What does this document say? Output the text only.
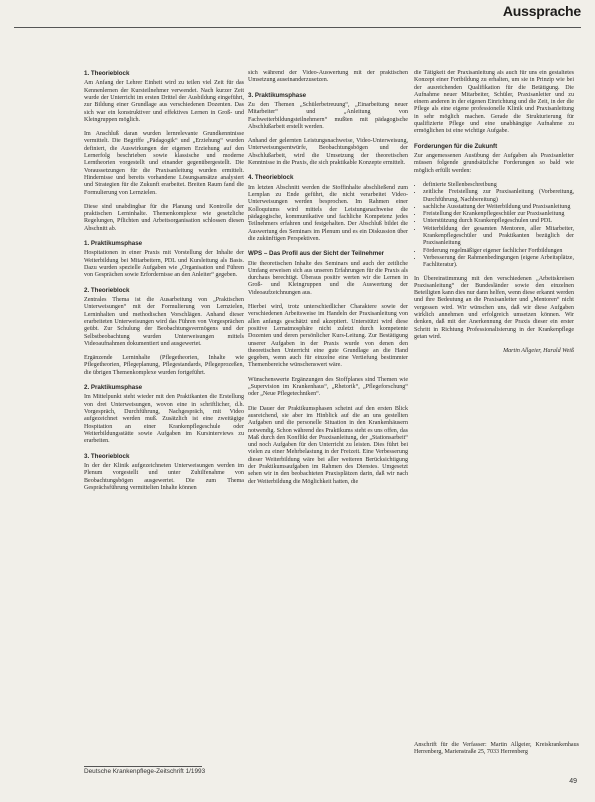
Aussprache
1. Theorieblock

Am Anfang der Lehrer Einheit wird zu teilen viel Zeit für das Kennenlernen der Kursteilnehmer verwendet. Nach kurzer Zeit wurde der Unterricht im ersten Drittel der Ausbildung eingeführt, zur Bildung einer Grundlage aus verschiedenen Dozenten. Das sich war ein konstruktiver und effektives Lernen in Groß- und Kleingruppen möglich.

Im Anschluß daran wurden lernrelevante Grundkenntnisse vermittelt. Die Begriffe „Pädagogik“ und „Erziehung“ wurden definiert, die Auswirkungen der eigenen Erziehung auf den Lernerfolg beschrieben sowie klassische und moderne Lerntheorien vorgestellt und einander gegenübergestellt. Die Voraussetzungen für die Praxisanleitung wurden ermittelt. Hindernisse und bereits vorhandene Lösungsansätze analysiert und Strategien für die Zukunft erarbeitet. Breiten Raum fand die Formulierung von Lernzielen.

Diese sind unabdingbar für die Planung und Kontrolle der praktischen Lerninhalte. Themenkomplexe wie gesetzliche Regelungen, Pflichten und Arbeitsorganisation schlossen diesen Abschnitt ab.

1. Praktikumsphase

Hospitationen in einer Praxis mit Vorstellung der Inhalte der Weiterbildung bei Mitarbeitern, PDL und Kursleitung als Basis. Dazu wurden spezielle Aufgaben wie „Organisation und Führen von Gesprächen sowie Erfordernisse an den Anleiter“ gegeben.

2. Theorieblock

Zentrales Thema ist die Ausarbeitung von „Praktischen Unterweisungen“ mit der Formulierung von Lernzielen, Lerninhalten und methodischen Vorschlägen. Anhand dieser erarbeiteten Unterweisungen wird das Führen von Vorgesprächen geübt. Zur Schulung der Beobachtungsvermögens und der Selbstbeobachtung wurden Unterweisungen mittels Videoaufnahmen dokumentiert und ausgewertet.

Ergänzende Lerninhalte (Pflegetheorien, Inhalte wie Pflegetheorien, Pflegeplanung, Pflegestandards, Pflegeprozeßen, die übrigen Themenkomplexe wurden fortgeführt.

2. Praktikumsphase

Im Mittelpunkt steht wieder mit den Praktikanten die Erstellung von drei Unterweisungen, wovon eine in schriftlicher, d.h. Vorgespräch, Durchführung, Nachgespräch, mit Video aufgezeichnet werden muß. Zusätzlich ist eine zweitägige Hospitation an einer Krankenpflegeschule oder Weiterbildungsstätte sowie Aufgaben im Kursinterviews zu erarbeiten.

3. Theorieblock

In der der Klinik aufgezeichneten Unterweisungen werden im Plenum vorgestellt und unter Zuhilfenahme von Beobachtungsbögen ausgewertet. Die zum Thema Gesprächsführung vermittelten Inhalte können

sich während der Video-Auswertung mit der praktischen Umsetzung auseinanderzusetzen.

3. Praktikumsphase

Zu den Themen „Schülerbetreuung“, „Einarbeitung neuer Mitarbeiter“ und „Anleitung von Fachweiterbildungsteilnehmern“ mußten mit pädagogische Abschlußarbeit erstellt werden.

Anhand der gelernten Leistungsnachweise, Video-Unterweisung, Unterweisungsentwürfe, Beobachtungsbögen und der Abschlußarbeit, wird die Umsetzung der theoretischen Kenntnisse in die Praxis, die sich praktikable Konzepte ermittelt.

4. Theorieblock

Im letzten Abschnitt werden die Stoffinhalte abschließend zum Lernplan zu Ende geführt, die nicht verarbeitet Video-Unterweisungen werden besprochen. Im Rahmen einer Kolloquiums wird mittels der Leistungsnachweise die pädagogische, kommunikative und fachliche Kompetenz jedes Teilnehmers erfahren und festgehalten. Der Abschluß bildet die Auswertung des Seminars im Plenum und es ein Diskussion über die zukünftigen Perspektiven.

WPS – Das Profil aus der Sicht der Teilnehmer

Die theoretischen Inhalte des Seminars und auch der zeitliche Umfang erweisen sich aus unseren Erfahrungen für die Praxis als durchaus berechtigt. Überaus positiv werten wir die Lernen in Groß- und Kleingruppen und die Auswertung der Videoaufzeichnungen aus.

Hierbei wird, trotz unterschiedlicher Charaktere sowie der verschiedenen Arbeitsweise im Handeln der Praxisanleitung von allen anfangs geschätzt und akzeptiert. Unterstützt wird diese positive Lernatmosphäre nicht zuletzt durch kompetente Dozenten und deren persönlicher Kurs-Leitung. Zur Bestätigung unserer Aufgaben in der Praxis wurde von denen den theoretischen Unterricht eine gute Grundlage an die Hand gegeben, wenn auch für einzelne eine Vertiefung bestimmter Themenbereiche wünschenswert wäre.

Wünschenswerte Ergänzungen des Stoffplanes sind Themen wie „Supervision im Krankenhaus“, „Rhetorik“, „Pflegeforschung“ oder „Neue Pflegetechniken“.

Die Dauer der Praktikumsphasen scheint auf den ersten Blick ausreichend, sie aber im Hinblick auf die an uns gestellten Aufgaben und die personelle Situation in den Krankenhäusern notwendig. Schon während des Praktikums steht es uns offen, das Maß durch den Konflikt der Praxisanleitung, der „Stationsarbeit“ und noch Aufgaben für den Unterricht zu leisten. Dies führt bei vielen zu einer Mehrbelastung in der Freizeit. Eine Verbesserung dieser Weiterbildung wäre bei aller weiteren Berücksichtigung der Praktikumsaufgaben im Rahmen des Dienstes. Umgesetzt sehen wir in den beobachteten Praxisplätzen darin, daß wir nach der Weiterbildung die Möglichkeit hatten, die

die Tätigkeit der Praxisanleitung als auch für uns ein gestaltetes Konzept einer Fortbildung zu erhalten, um sie in Prinzip wie bei der ausreichenden Qualifikation für die Betätigung. Die Aufnahme neuer Mitarbeiter, Schüler, Praxisanleiter und zu einem anderen in der eigenen Einrichtung und die Zeit, in der die Pflege als eine eigene professionelle Klinik und Praxisanleitung in sehr möglich machen. Gerade die Strukturierung für qualifizierte Pflege und eine unabhängige Aufnahme zu ermöglichen ist eine wichtige Aufgabe.

Forderungen für die Zukunft

Zur angemessenen Ausübung der Aufgaben als Praxisanleiter müssen folgende grundsätzliche Forderungen so bald wie möglich erfüllt werden:

• definierte Stellenbeschreibung
• zeitliche Freistellung zur Praxisanleitung (Vorbereitung, Durchführung, Nachbereitung)
• sachliche Ausstattung der Weiterbildung und Praxisanleitung
• Freistellung der Krankenpflegeschüler zur Praxisanleitung
• Unterstützung durch Krankenpflegeschulen und PDL
• Weiterbildung der gesamten Mentoren, aller Mitarbeiter, Krankenpflegeschüler und Praktikanten bezüglich der Praxisanleitung
• Förderung regelmäßiger eigener fachlicher Fortbildungen
• Verbesserung der Rahmenbedingungen (eigene Arbeitsplätze, Fachliteratur).

In Übereinstimmung mit den verschiedenen „Arbeitskreisen Praxisanleitung“ der Bundesländer sowie den einzelnen Beteiligten kann dies nur dann helfen, wenn diese erkannt werden und ihre Bedeutung an die Praxisanleiter und „Mentoren“ nicht vergessen wird. Wir wünschen uns, daß wir diese Aufgaben wirklich annehmen und erfolgreich umsetzen können. Wir denken, daß mit der Anerkennung der Praxis dieser ein erster Schritt in Richtung Professionalisierung in der Krankenpflege getan wird.

Martin Allgeier, Harald Weiß

Anschrift für die Verfasser: Martin Allgeier, Kreiskrankenhaus Herrenberg, Marienstraße 25, 7033 Herrenberg
Deutsche Krankenpflege-Zeitschrift 1/1993
49
